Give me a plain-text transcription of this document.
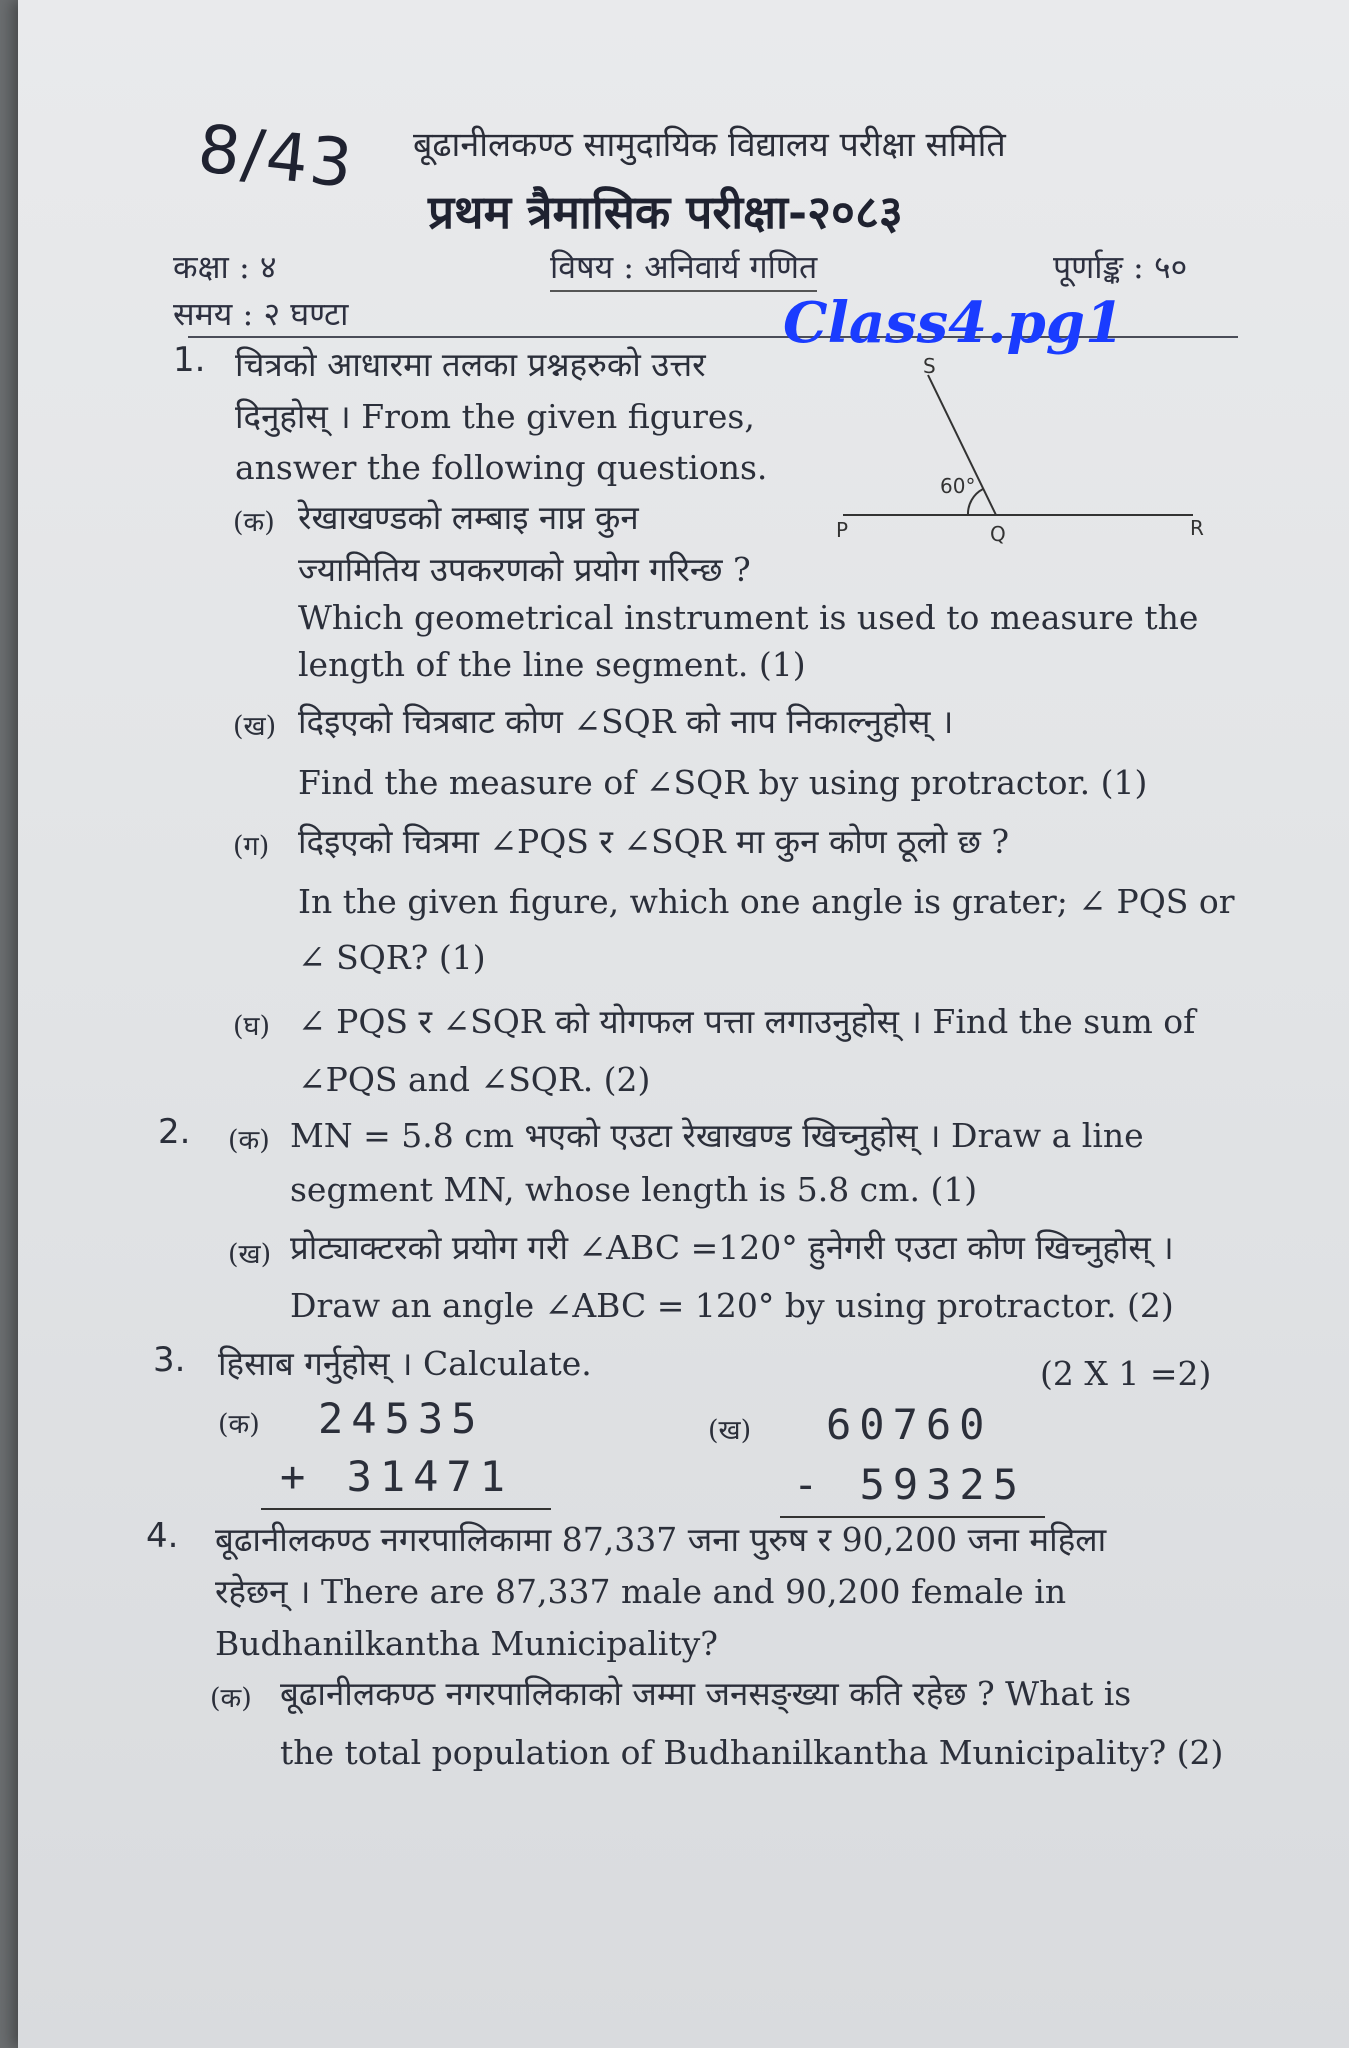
8/43 बूढानीलकण्ठ सामुदायिक विद्यालय परीक्षा समिति
प्रथम त्रैमासिक परीक्षा-२०८३
कक्षा : ४	विषय : अनिवार्य गणित	पूर्णाङ्क : ५०
समय : २ घण्टा	Class4.pg1
S
P	Q	R
60°
1. चित्रको आधारमा तलका प्रश्नहरुको उत्तर
दिनुहोस् । From the given figures,
answer the following questions.
(क) रेखाखण्डको लम्बाइ नाप्न कुन
ज्यामितिय उपकरणको प्रयोग गरिन्छ ?
Which geometrical instrument is used to measure the
length of the line segment. (1)
(ख) दिइएको चित्रबाट कोण ∠SQR को नाप निकाल्नुहोस् ।
Find the measure of ∠SQR by using protractor. (1)
(ग) दिइएको चित्रमा ∠PQS र ∠SQR मा कुन कोण ठूलो छ ?
In the given figure, which one angle is grater; ∠ PQS or
∠ SQR? (1)
(घ) ∠ PQS र ∠SQR को योगफल पत्ता लगाउनुहोस् । Find the sum of
∠PQS and ∠SQR. (2)
2. (क) MN = 5.8 cm भएको एउटा रेखाखण्ड खिच्नुहोस् । Draw a line
segment MN, whose length is 5.8 cm. (1)
(ख) प्रोट्याक्टरको प्रयोग गरी ∠ABC =120° हुनेगरी एउटा कोण खिच्नुहोस् ।
Draw an angle ∠ABC = 120° by using protractor. (2)
3. हिसाब गर्नुहोस् । Calculate.	(2 X 1 =2)
(क) 24535
+ 31471
(ख) 60760
- 59325
4. बूढानीलकण्ठ नगरपालिकामा 87,337 जना पुरुष र 90,200 जना महिला
रहेछन् । There are 87,337 male and 90,200 female in
Budhanilkantha Municipality?
(क) बूढानीलकण्ठ नगरपालिकाको जम्मा जनसङ्ख्या कति रहेछ ? What is
the total population of Budhanilkantha Municipality? (2)
